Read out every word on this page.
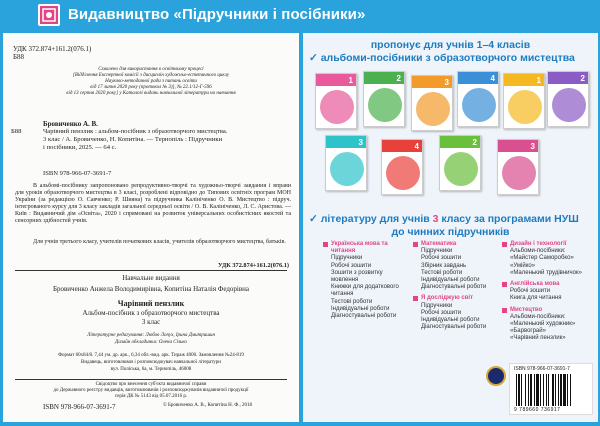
Видавництво «Підручники і посібники»
УДК 372.874+161.2(076.1)
Б88
Схвалено для використання в освітньому процесі
[Відділення Експертної комісії з дисциплін художньо-естетичного циклу
Науково-методичної ради з питань освіти
від 17 липня 2020 року (протокол № 3)], № 22.1/12-Г-596
від 13 серпня 2020 року] у Каталозі видань навчальної літератури на навчання
Бровиченко А. В.
Б88	Чарівний пензлик : альбом-посібник з образотворчого мистецтва.
3 клас / А. Бровиченко, Н. Копитіна. — Тернопіль : Підручники
і посібники, 2025. — 64 с.
ISBN 978-966-07-3691-7
В альбомі-посібнику запропоновано репродуктивно-творчі та художньо-творчі завдання і вправи для уроків образотворчого мистецтва в 3 класі, розроблені відповідно до Типових освітніх програм МОН України (за редакцією О. Савченко; Р. Шияна) та підручника Калініченко О. В. Мистецтво : підруч. інтегрованого курсу для 3 класу закладів загальної середньої освіти / О. В. Калініченко, Л. С. Аристова. — Київ : Видавничий дім «Освіта», 2020 і спрямовані на розвиток універсальних особистісних якостей та сенсорних здібностей учнів.
Для учнів третього класу, учителів початкових класів, учителів образотворчого мистецтва, батьків.
УДК 372.874+161.2(076.1)
Навчальне видання
Бровиченко Анжела Володимирівна, Копитіна Наталія Федорівна
Чарівний пензлик
Альбом-посібник з образотворчого мистецтва
3 клас
Літературне редагування: Любов Лопух, Ірина Дмитришин
Дизайн обкладинки: Олена Сізько
Формат 60х84/8. 7,44 ум. др. арк., 6,34 обл.-вид. арк. Тираж 4000. Замовлення №24-819
Видавець, виготовлювач і розповсюджувач навчальної літератури
вул. Поліська, 6а, м. Тернопіль, 46008
Свідоцтво про внесення суб'єкта видавничої справи
до Державного реєстру видавців, виготовлювачів і розповсюджувачів видавничої продукції
серія ДК № 5143 від 05.07.2016 р.
ISBN 978-966-07-3691-7	© Бровиченко А. В., Копитіна Н. Ф., 2018
пропонує для учнів 1–4 класів
✓ альбоми-посібники з образотворчого мистецтва
1	2	3	4	1	2
3	4	2	3
✓ літературу для учнів 3 класу за програмами НУШ
до чинних підручників
Українська мова та читання
Підручники
Робочі зошити
Зошити з розвитку мовлення
Книжки для додаткового читання
Тестові роботи
Індивідуальні роботи
Діагностувальні роботи
Математика
Підручники
Робочі зошити
Збірник завдань
Тестові роботи
Індивідуальні роботи
Діагностувальні роботи
Я досліджую світ
Підручники
Робочі зошити
Індивідуальні роботи
Діагностувальні роботи
Дизайн і технології
Альбоми-посібники:
«Майстер Саморобко»
«Умійко»
«Маленький трудівничок»
Англійська мова
Робочі зошити
Книга для читання
Мистецтво
Альбоми-посібники:
«Маленький художник»
«Барвограй»
«Чарівний пензлик»
ISBN 978-966-07-3691-7
9 789660 736917
